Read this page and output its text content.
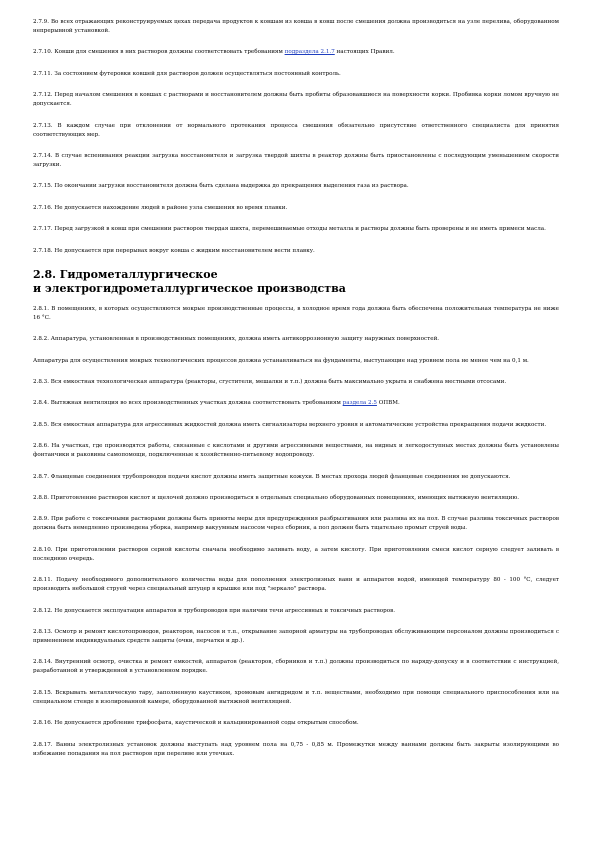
2.7.9. Во всех отражающих реконструируемых цехах передача продуктов к ковшам из ковша в ковш после смешения должна производиться на узле перелива, оборудованном непрерывной установкой.

2.7.10. Ковши для смешения в них растворов должны соответствовать требованиям подраздела 2.1.7 настоящих Правил.

2.7.11. За состоянием футеровки ковшей для растворов должен осуществляться постоянный контроль.

2.7.12. Перед началом смешения в ковшах с растворами и восстановителем должны быть пробиты образовавшиеся на поверхности корки. Пробивка корки ломом вручную не допускается.

2.7.13. В каждом случае при отклонении от нормального протекания процесса смешения обязательно присутствие ответственного специалиста для принятия соответствующих мер.

2.7.14. В случае вспенивания реакции загрузка восстановителя и загрузка твердой шихты в реактор должны быть приостановлены с последующим уменьшением скорости загрузки.

2.7.15. По окончании загрузки восстановителя должна быть сделана выдержка до прекращения выделения газа из раствора.

2.7.16. Не допускается нахождение людей в районе узла смешения во время плавки.

2.7.17. Перед загрузкой в ковш при смешении растворов твердая шихта, перемешиваемые отходы металла и растворы должны быть проверены и не иметь примеси масла.

2.7.18. Не допускается при перерывах вокруг ковша с жидким восстановителем вести плавку.

2.8. Гидрометаллургическое
и электрогидрометаллургическое производства

2.8.1. В помещениях, в которых осуществляются мокрые производственные процессы, в холодное время года должна быть обеспечена положительная температура не ниже 16 °С.

2.8.2. Аппаратура, установленная в производственных помещениях, должна иметь антикоррозионную защиту наружных поверхностей.

Аппаратура для осуществления мокрых технологических процессов должна устанавливаться на фундаменты, выступающие над уровнем пола не менее чем на 0,1 м.

2.8.3. Вся емкостная технологическая аппаратура (реакторы, сгустители, мешалки и т.п.) должна быть максимально укрыта и снабжена местными отсосами.

2.8.4. Вытяжная вентиляция во всех производственных участках должна соответствовать требованиям раздела 2.5 ОПВМ.

2.8.5. Вся емкостная аппаратура для агрессивных жидкостей должна иметь сигнализаторы верхнего уровня и автоматические устройства прекращения подачи жидкости.

2.8.6. На участках, где производятся работы, связанные с кислотами и другими агрессивными веществами, на видных и легкодоступных местах должны быть установлены фонтанчики и раковины самопомощи, подключенные к хозяйственно-питьевому водопроводу.

2.8.7. Фланцевые соединения трубопроводов подачи кислот должны иметь защитные кожухи. В местах прохода людей фланцевые соединения не допускаются.

2.8.8. Приготовление растворов кислот и щелочей должно производиться в отдельных специально оборудованных помещениях, имеющих вытяжную вентиляцию.

2.8.9. При работе с токсичными растворами должны быть приняты меры для предупреждения разбрызгивания или разлива их на пол. В случае разлива токсичных растворов должна быть немедленно произведена уборка, например вакуумным насосом через сборник, а пол должен быть тщательно промыт струей воды.

2.8.10. При приготовлении растворов серной кислоты сначала необходимо заливать воду, а затем кислоту. При приготовлении смеси кислот серную следует заливать в последнюю очередь.

2.8.11. Подачу необходимого дополнительного количества воды для пополнения электролизных ванн и аппаратов водой, имеющей температуру 80 - 100 °С, следует производить небольшой струей через специальный штуцер в крышке или под "зеркало" раствора.

2.8.12. Не допускается эксплуатация аппаратов и трубопроводов при наличии течи агрессивных и токсичных растворов.

2.8.13. Осмотр и ремонт кислотопроводов, реакторов, насосов и т.п., открывание запорной арматуры на трубопроводах обслуживающим персоналом должны производиться с применением индивидуальных средств защиты (очки, перчатки и др.).

2.8.14. Внутренний осмотр, очистка и ремонт емкостей, аппаратов (реакторов, сборников и т.п.) должны производиться по наряду-допуску и в соответствии с инструкцией, разработанной и утвержденной в установленном порядке.

2.8.15. Вскрывать металлическую тару, заполненную каустиком, хромовым ангидридом и т.п. веществами, необходимо при помощи специального приспособления или на специальном стенде в изолированной камере, оборудованной вытяжной вентиляцией.

2.8.16. Не допускается дробление трифосфата, каустической и кальцинированной соды открытым способом.

2.8.17. Ванны электролизных установок должны выступать над уровнем пола на 0,75 - 0,85 м. Промежутки между ваннами должны быть закрыты изолирующими во избежание попадания на пол растворов при переливе или утечках.
